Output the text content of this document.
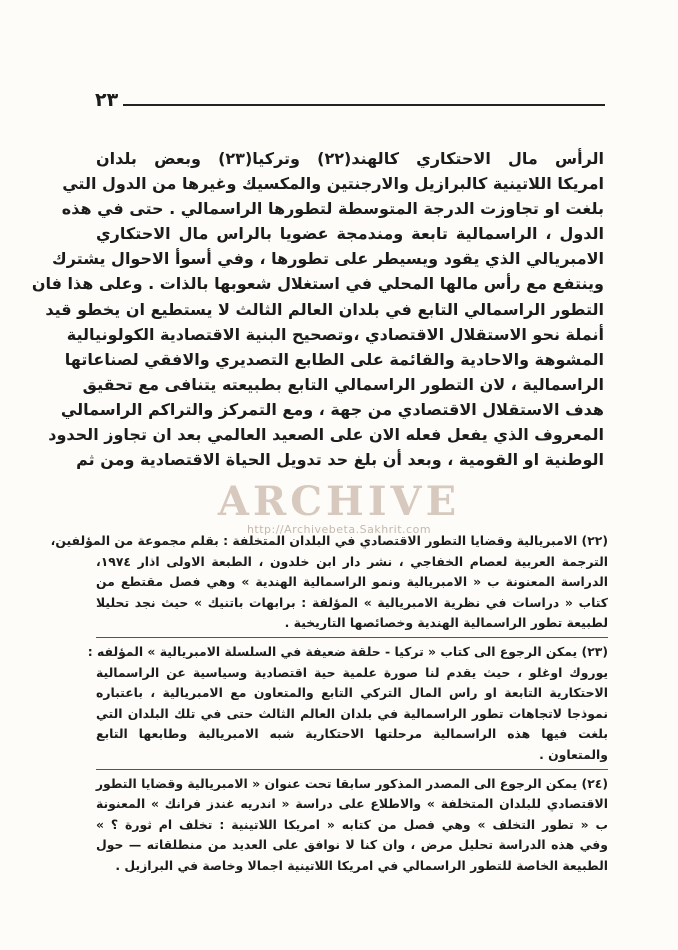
٢٣
الرأس مال الاحتكاري كالهند(٢٢) وتركيا(٢٣) وبعض بلدان
امريكا اللاتينية كالبرازيل والارجنتين والمكسيك وغيرها من الدول التي
بلغت او تجاوزت الدرجة المتوسطة لتطورها الراسمالي . حتى في هذه
الدول ، الراسمالية تابعة ومندمجة عضويا بالراس مال الاحتكاري
الامبريالي الذي يقود ويسيطر على تطورها ، وفي أسوأ الاحوال يشترك
وينتفع مع رأس مالها المحلي في استغلال شعوبها بالذات . وعلى هذا فان
التطور الراسمالي التابع في بلدان العالم الثالث لا يستطيع ان يخطو قيد
أنملة نحو الاستقلال الاقتصادي ،وتصحيح البنية الاقتصادية الكولونيالية
المشوهة والاحادية والقائمة على الطابع التصديري والافقي لصناعاتها
الراسمالية ، لان التطور الراسمالي التابع بطبيعته يتنافى مع تحقيق
هدف الاستقلال الاقتصادي من جهة ، ومع التمركز والتراكم الراسمالي
المعروف الذي يفعل فعله الان على الصعيد العالمي بعد ان تجاوز الحدود
الوطنية او القومية ، وبعد أن بلغ حد تدويل الحياة الاقتصادية ومن ثم
ARCHIVE
http://Archivebeta.Sakhrit.com
(٢٢) الامبريالية وقضايا التطور الاقتصادي في البلدان المتخلفة : بقلم مجموعة من المؤلفين،
الترجمة العربية لعصام الخفاجي ، نشر دار ابن خلدون ، الطبعة الاولى اذار ١٩٧٤،
الدراسة المعنونة ب « الامبريالية ونمو الراسمالية الهندية » وهي فصل مقتطع من
كتاب « دراسات في نظرية الامبريالية » المؤلفة : برابهات باتنيك » حيث نجد تحليلا
لطبيعة تطور الراسمالية الهندية وخصائصها التاريخية .
(٢٣) يمكن الرجوع الى كتاب « تركيا - حلقة ضعيفة في السلسلة الامبريالية » المؤلفه :
يوروك اوغلو ، حيث يقدم لنا صورة علمية حية اقتصادية وسياسية عن الراسمالية
الاحتكارية التابعة او راس المال التركي التابع والمتعاون مع الامبريالية ، باعتباره
نموذجا لاتجاهات تطور الراسمالية في بلدان العالم الثالث حتى في تلك البلدان التي
بلغت فيها هذه الراسمالية مرحلتها الاحتكارية شبه الامبريالية وطابعها التابع
والمتعاون .
(٢٤) يمكن الرجوع الى المصدر المذكور سابقا تحت عنوان « الامبريالية وقضايا التطور
الاقتصادي للبلدان المتخلفة » والاطلاع على دراسة « اندريه غندز فرانك » المعنونة
ب « تطور التخلف » وهي فصل من كتابه « امريكا اللاتينية : تخلف ام ثورة ؟ »
وفي هذه الدراسة تحليل مرض ، وان كنا لا نوافق على العديد من منطلقاته — حول
الطبيعة الخاصة للتطور الراسمالي في امريكا اللاتينية اجمالا وخاصة في البرازيل .
